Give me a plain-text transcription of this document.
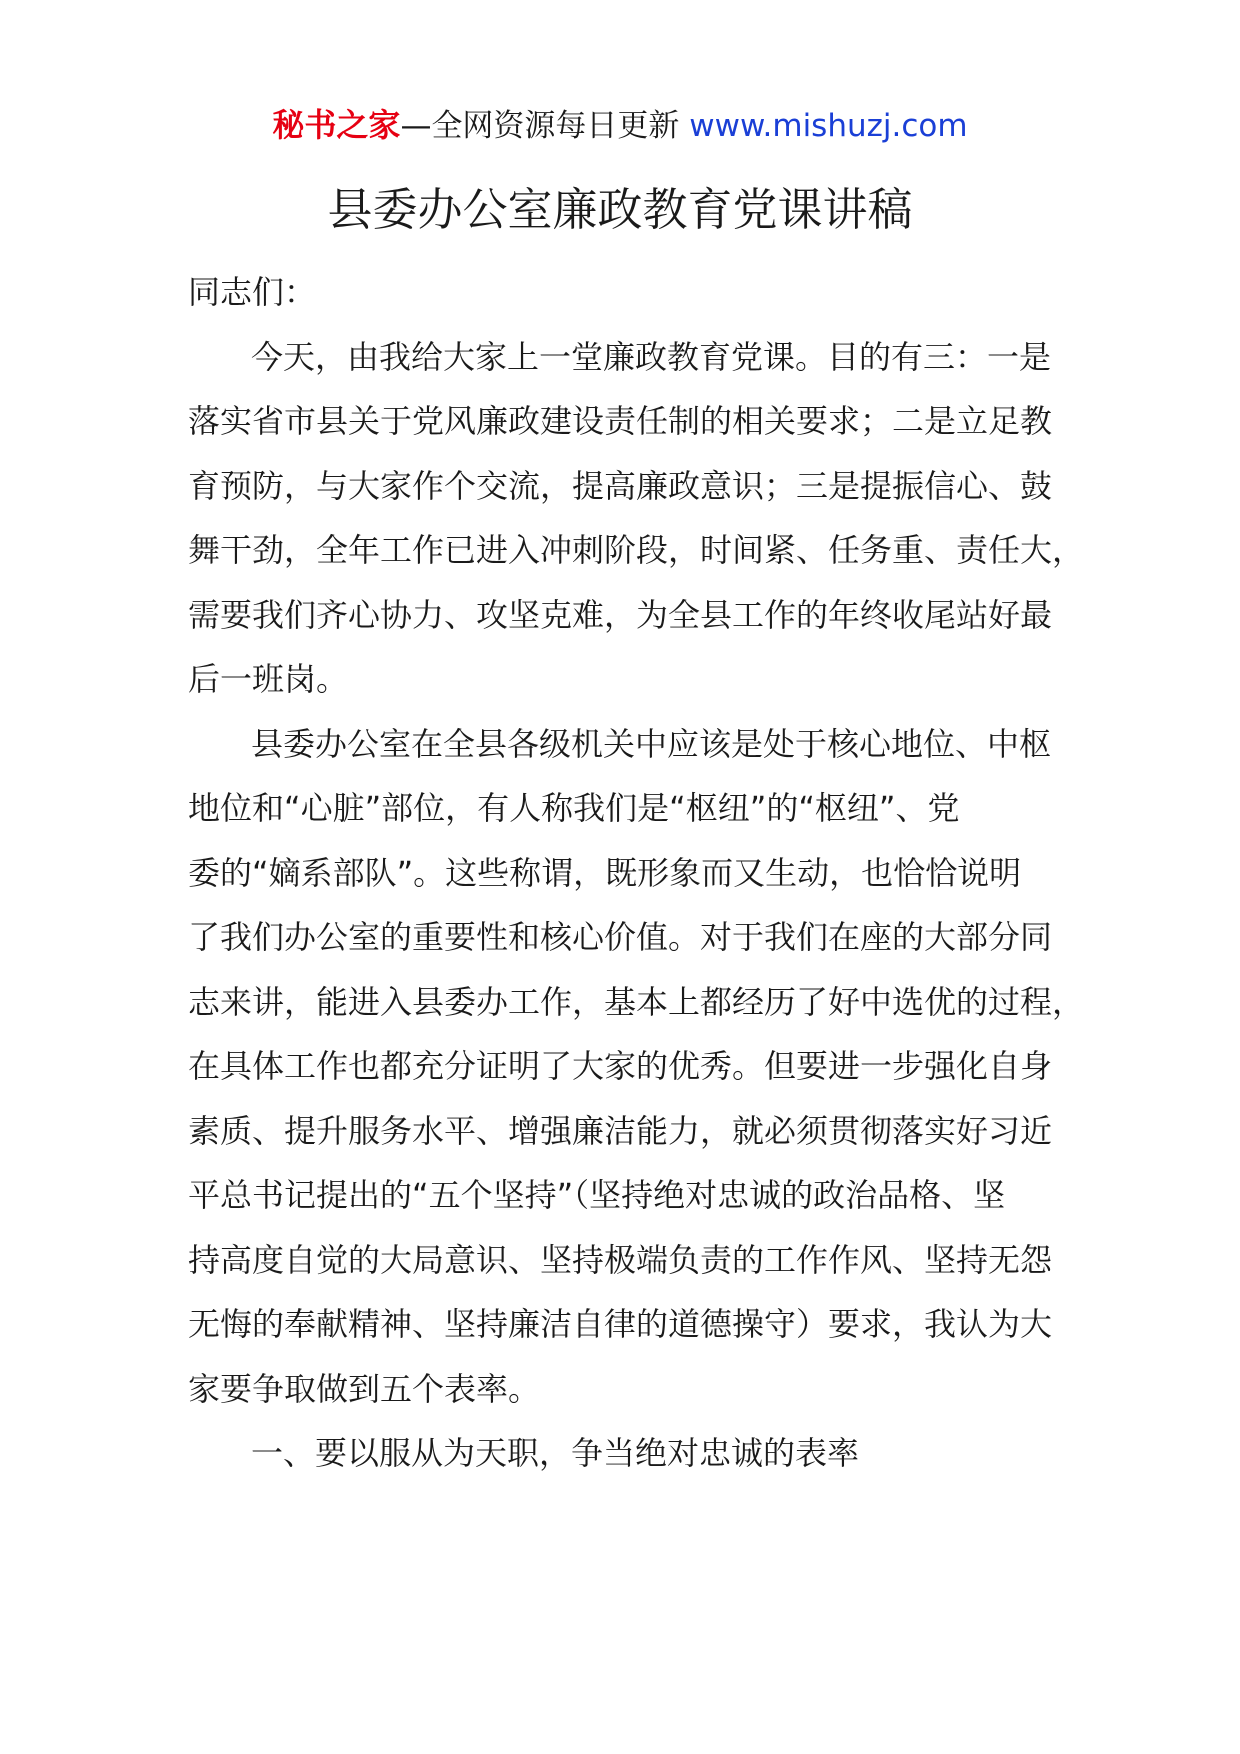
秘书之家—全网资源每日更新 www.mishuzj.com
县委办公室廉政教育党课讲稿

同志们：

今天，由我给大家上一堂廉政教育党课。目的有三：一是
落实省市县关于党风廉政建设责任制的相关要求；二是立足教
育预防，与大家作个交流，提高廉政意识；三是提振信心、鼓
舞干劲，全年工作已进入冲刺阶段，时间紧、任务重、责任大，
需要我们齐心协力、攻坚克难，为全县工作的年终收尾站好最
后一班岗。

县委办公室在全县各级机关中应该是处于核心地位、中枢
地位和“心脏”部位，有人称我们是“枢纽”的“枢纽”、党
委的“嫡系部队”。这些称谓，既形象而又生动，也恰恰说明
了我们办公室的重要性和核心价值。对于我们在座的大部分同
志来讲，能进入县委办工作，基本上都经历了好中选优的过程，
在具体工作也都充分证明了大家的优秀。但要进一步强化自身
素质、提升服务水平、增强廉洁能力，就必须贯彻落实好习近
平总书记提出的“五个坚持”（坚持绝对忠诚的政治品格、坚
持高度自觉的大局意识、坚持极端负责的工作作风、坚持无怨
无悔的奉献精神、坚持廉洁自律的道德操守）要求，我认为大
家要争取做到五个表率。

一、要以服从为天职，争当绝对忠诚的表率
